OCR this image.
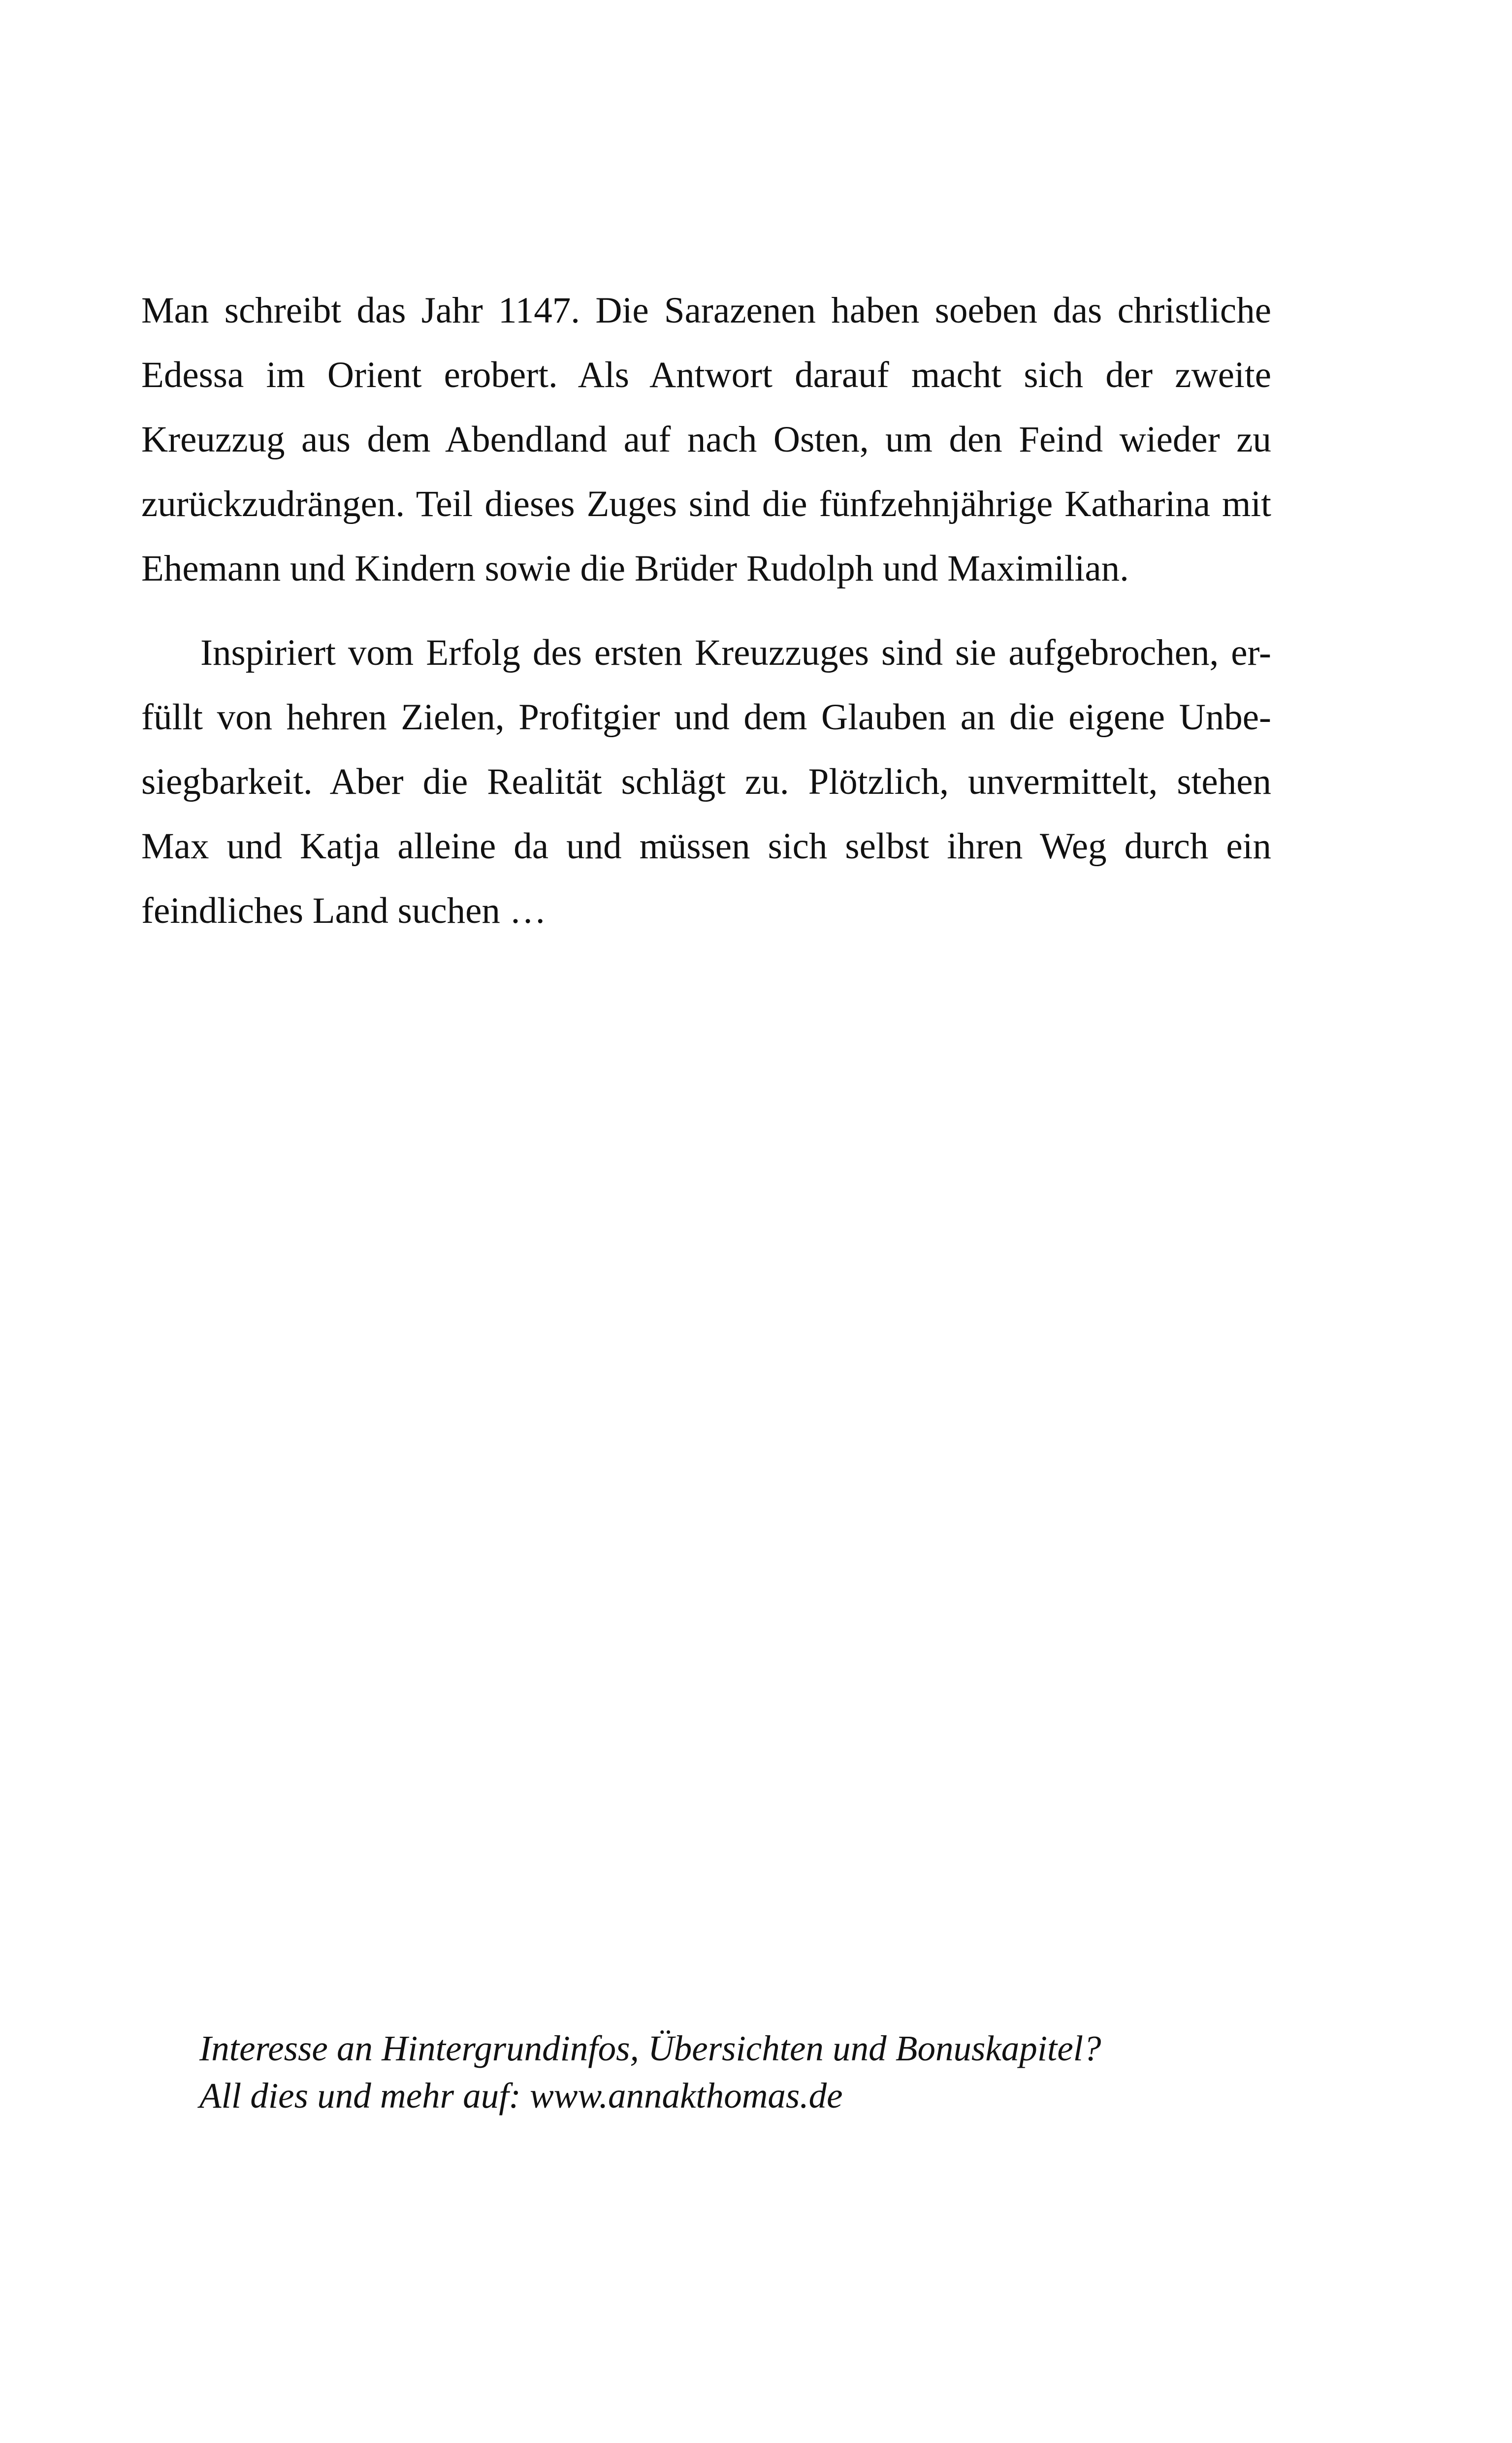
Man schreibt das Jahr 1147. Die Sarazenen haben soeben das christliche
Edessa im Orient erobert. Als Antwort darauf macht sich der zweite
Kreuzzug aus dem Abendland auf nach Osten, um den Feind wieder zu
zurückzudrängen. Teil dieses Zuges sind die fünfzehnjährige Katharina mit
Ehemann und Kindern sowie die Brüder Rudolph und Maximilian.

Inspiriert vom Erfolg des ersten Kreuzzuges sind sie aufgebrochen, er-
füllt von hehren Zielen, Profitgier und dem Glauben an die eigene Unbe-
siegbarkeit. Aber die Realität schlägt zu. Plötzlich, unvermittelt, stehen
Max und Katja alleine da und müssen sich selbst ihren Weg durch ein
feindliches Land suchen …

Interesse an Hintergrundinfos, Übersichten und Bonuskapitel?
All dies und mehr auf: www.annakthomas.de
